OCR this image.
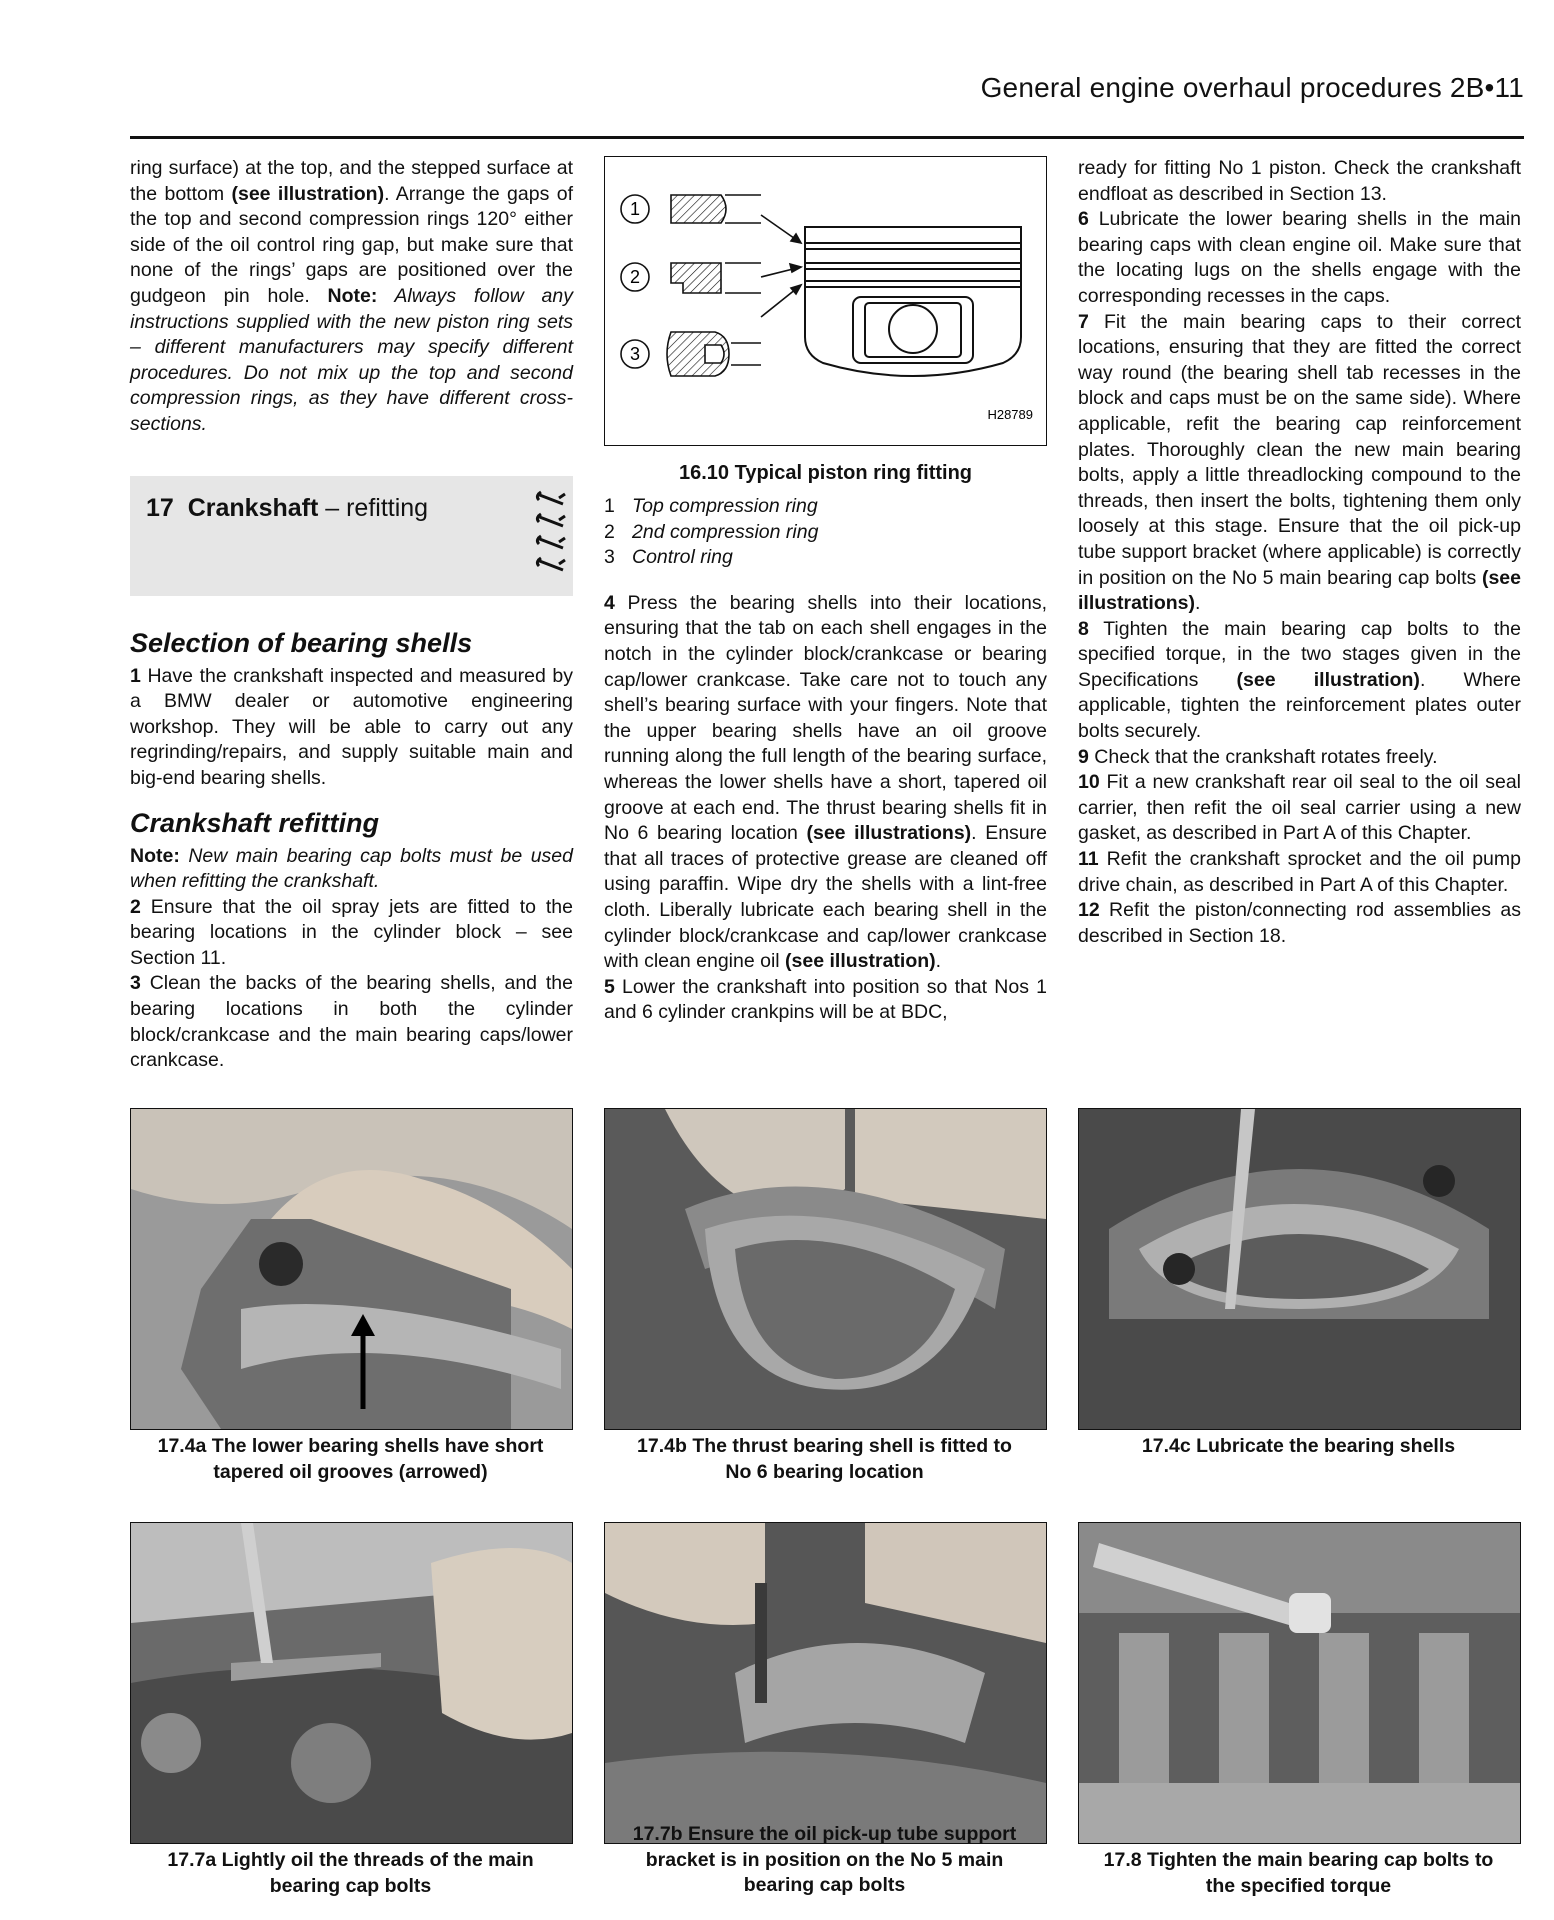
General engine overhaul procedures 2B•11

ring surface) at the top, and the stepped surface at the bottom (see illustration). Arrange the gaps of the top and second compression rings 120° either side of the oil control ring gap, but make sure that none of the rings’ gaps are positioned over the gudgeon pin hole. Note: Always follow any instructions supplied with the new piston ring sets – different manufacturers may specify different procedures. Do not mix up the top and second compression rings, as they have different cross-sections.

17 Crankshaft – refitting
Selection of bearing shells

1 Have the crankshaft inspected and measured by a BMW dealer or automotive engineering workshop. They will be able to carry out any regrinding/repairs, and supply suitable main and big-end bearing shells.

Crankshaft refitting

Note: New main bearing cap bolts must be used when refitting the crankshaft.

2 Ensure that the oil spray jets are fitted to the bearing locations in the cylinder block – see Section 11.

3 Clean the backs of the bearing shells, and the bearing locations in both the cylinder block/crankcase and the main bearing caps/lower crankcase.

1
2
3
H28789
16.10 Typical piston ring fitting
1 Top compression ring
2 2nd compression ring
3 Control ring

4 Press the bearing shells into their locations, ensuring that the tab on each shell engages in the notch in the cylinder block/crankcase or bearing cap/lower crankcase. Take care not to touch any shell’s bearing surface with your fingers. Note that the upper bearing shells have an oil groove running along the full length of the bearing surface, whereas the lower shells have a short, tapered oil groove at each end. The thrust bearing shells fit in No 6 bearing location (see illustrations). Ensure that all traces of protective grease are cleaned off using paraffin. Wipe dry the shells with a lint-free cloth. Liberally lubricate each bearing shell in the cylinder block/crankcase and cap/lower crankcase with clean engine oil (see illustration).

5 Lower the crankshaft into position so that Nos 1 and 6 cylinder crankpins will be at BDC,

ready for fitting No 1 piston. Check the crankshaft endfloat as described in Section 13.

6 Lubricate the lower bearing shells in the main bearing caps with clean engine oil. Make sure that the locating lugs on the shells engage with the corresponding recesses in the caps.

7 Fit the main bearing caps to their correct locations, ensuring that they are fitted the correct way round (the bearing shell tab recesses in the block and caps must be on the same side). Where applicable, refit the bearing cap reinforcement plates. Thoroughly clean the new main bearing bolts, apply a little threadlocking compound to the threads, then insert the bolts, tightening them only loosely at this stage. Ensure that the oil pick-up tube support bracket (where applicable) is correctly in position on the No 5 main bearing cap bolts (see illustrations).

8 Tighten the main bearing cap bolts to the specified torque, in the two stages given in the Specifications (see illustration). Where applicable, tighten the reinforcement plates outer bolts securely.

9 Check that the crankshaft rotates freely.

10 Fit a new crankshaft rear oil seal to the oil seal carrier, then refit the oil seal carrier using a new gasket, as described in Part A of this Chapter.

11 Refit the crankshaft sprocket and the oil pump drive chain, as described in Part A of this Chapter.

12 Refit the piston/connecting rod assemblies as described in Section 18.

17.4a The lower bearing shells have short
tapered oil grooves (arrowed)
17.4b The thrust bearing shell is fitted to
No 6 bearing location
17.4c Lubricate the bearing shells
17.7a Lightly oil the threads of the main
bearing cap bolts
17.7b Ensure the oil pick-up tube support
bracket is in position on the No 5 main
bearing cap bolts
17.8 Tighten the main bearing cap bolts to
the specified torque
